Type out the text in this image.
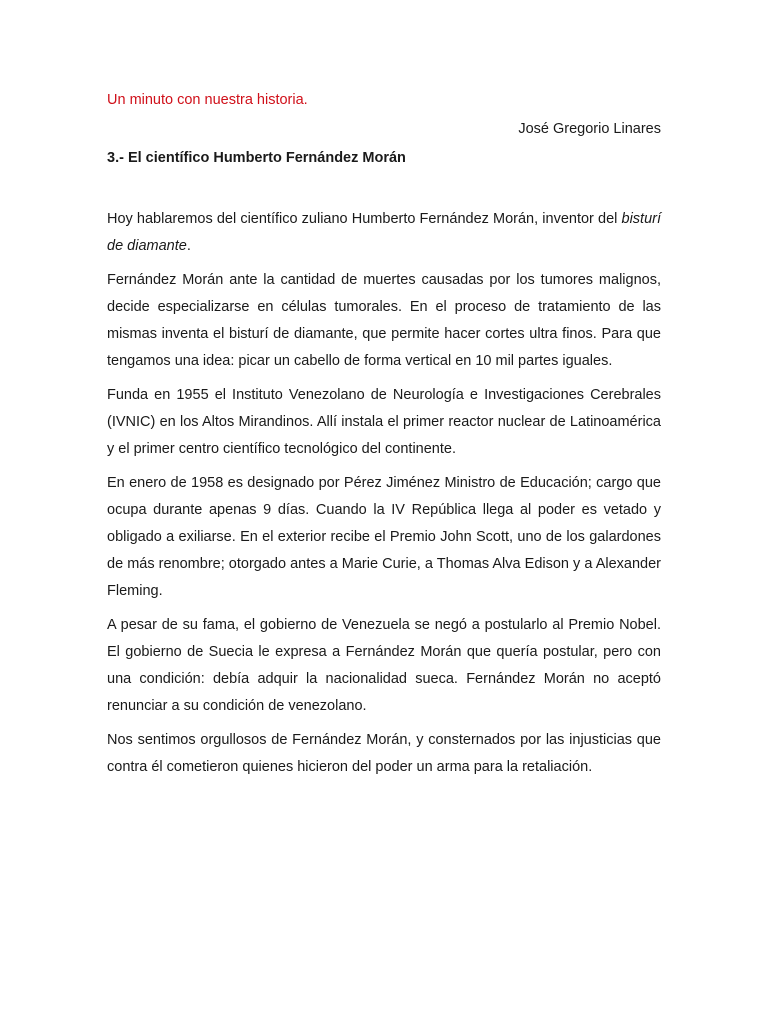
Un minuto con nuestra historia.

José Gregorio Linares

3.- El científico Humberto Fernández Morán

Hoy hablaremos del científico zuliano Humberto Fernández Morán, inventor del bisturí de diamante.

Fernández Morán ante la cantidad de muertes causadas por los tumores malignos, decide especializarse en células tumorales. En el proceso de tratamiento de las mismas inventa el bisturí de diamante, que permite hacer cortes ultra finos. Para que tengamos una idea: picar un cabello de forma vertical en 10 mil partes iguales.

Funda en 1955 el Instituto Venezolano de Neurología e Investigaciones Cerebrales (IVNIC) en los Altos Mirandinos. Allí instala el primer reactor nuclear de Latinoamérica y el primer centro científico tecnológico del continente.

En enero de 1958 es designado por Pérez Jiménez Ministro de Educación; cargo que ocupa durante apenas 9 días. Cuando la IV República llega al poder es vetado y obligado a exiliarse. En el exterior recibe el Premio John Scott, uno de los galardones de más renombre; otorgado antes a Marie Curie, a Thomas Alva Edison y a Alexander Fleming.

A pesar de su fama, el gobierno de Venezuela se negó a postularlo al Premio Nobel. El gobierno de Suecia le expresa a Fernández Morán que quería postular, pero con una condición: debía adquir la nacionalidad sueca. Fernández Morán no aceptó renunciar a su condición de venezolano.

Nos sentimos orgullosos de Fernández Morán, y consternados por las injusticias que contra él cometieron quienes hicieron del poder un arma para la retaliación.
